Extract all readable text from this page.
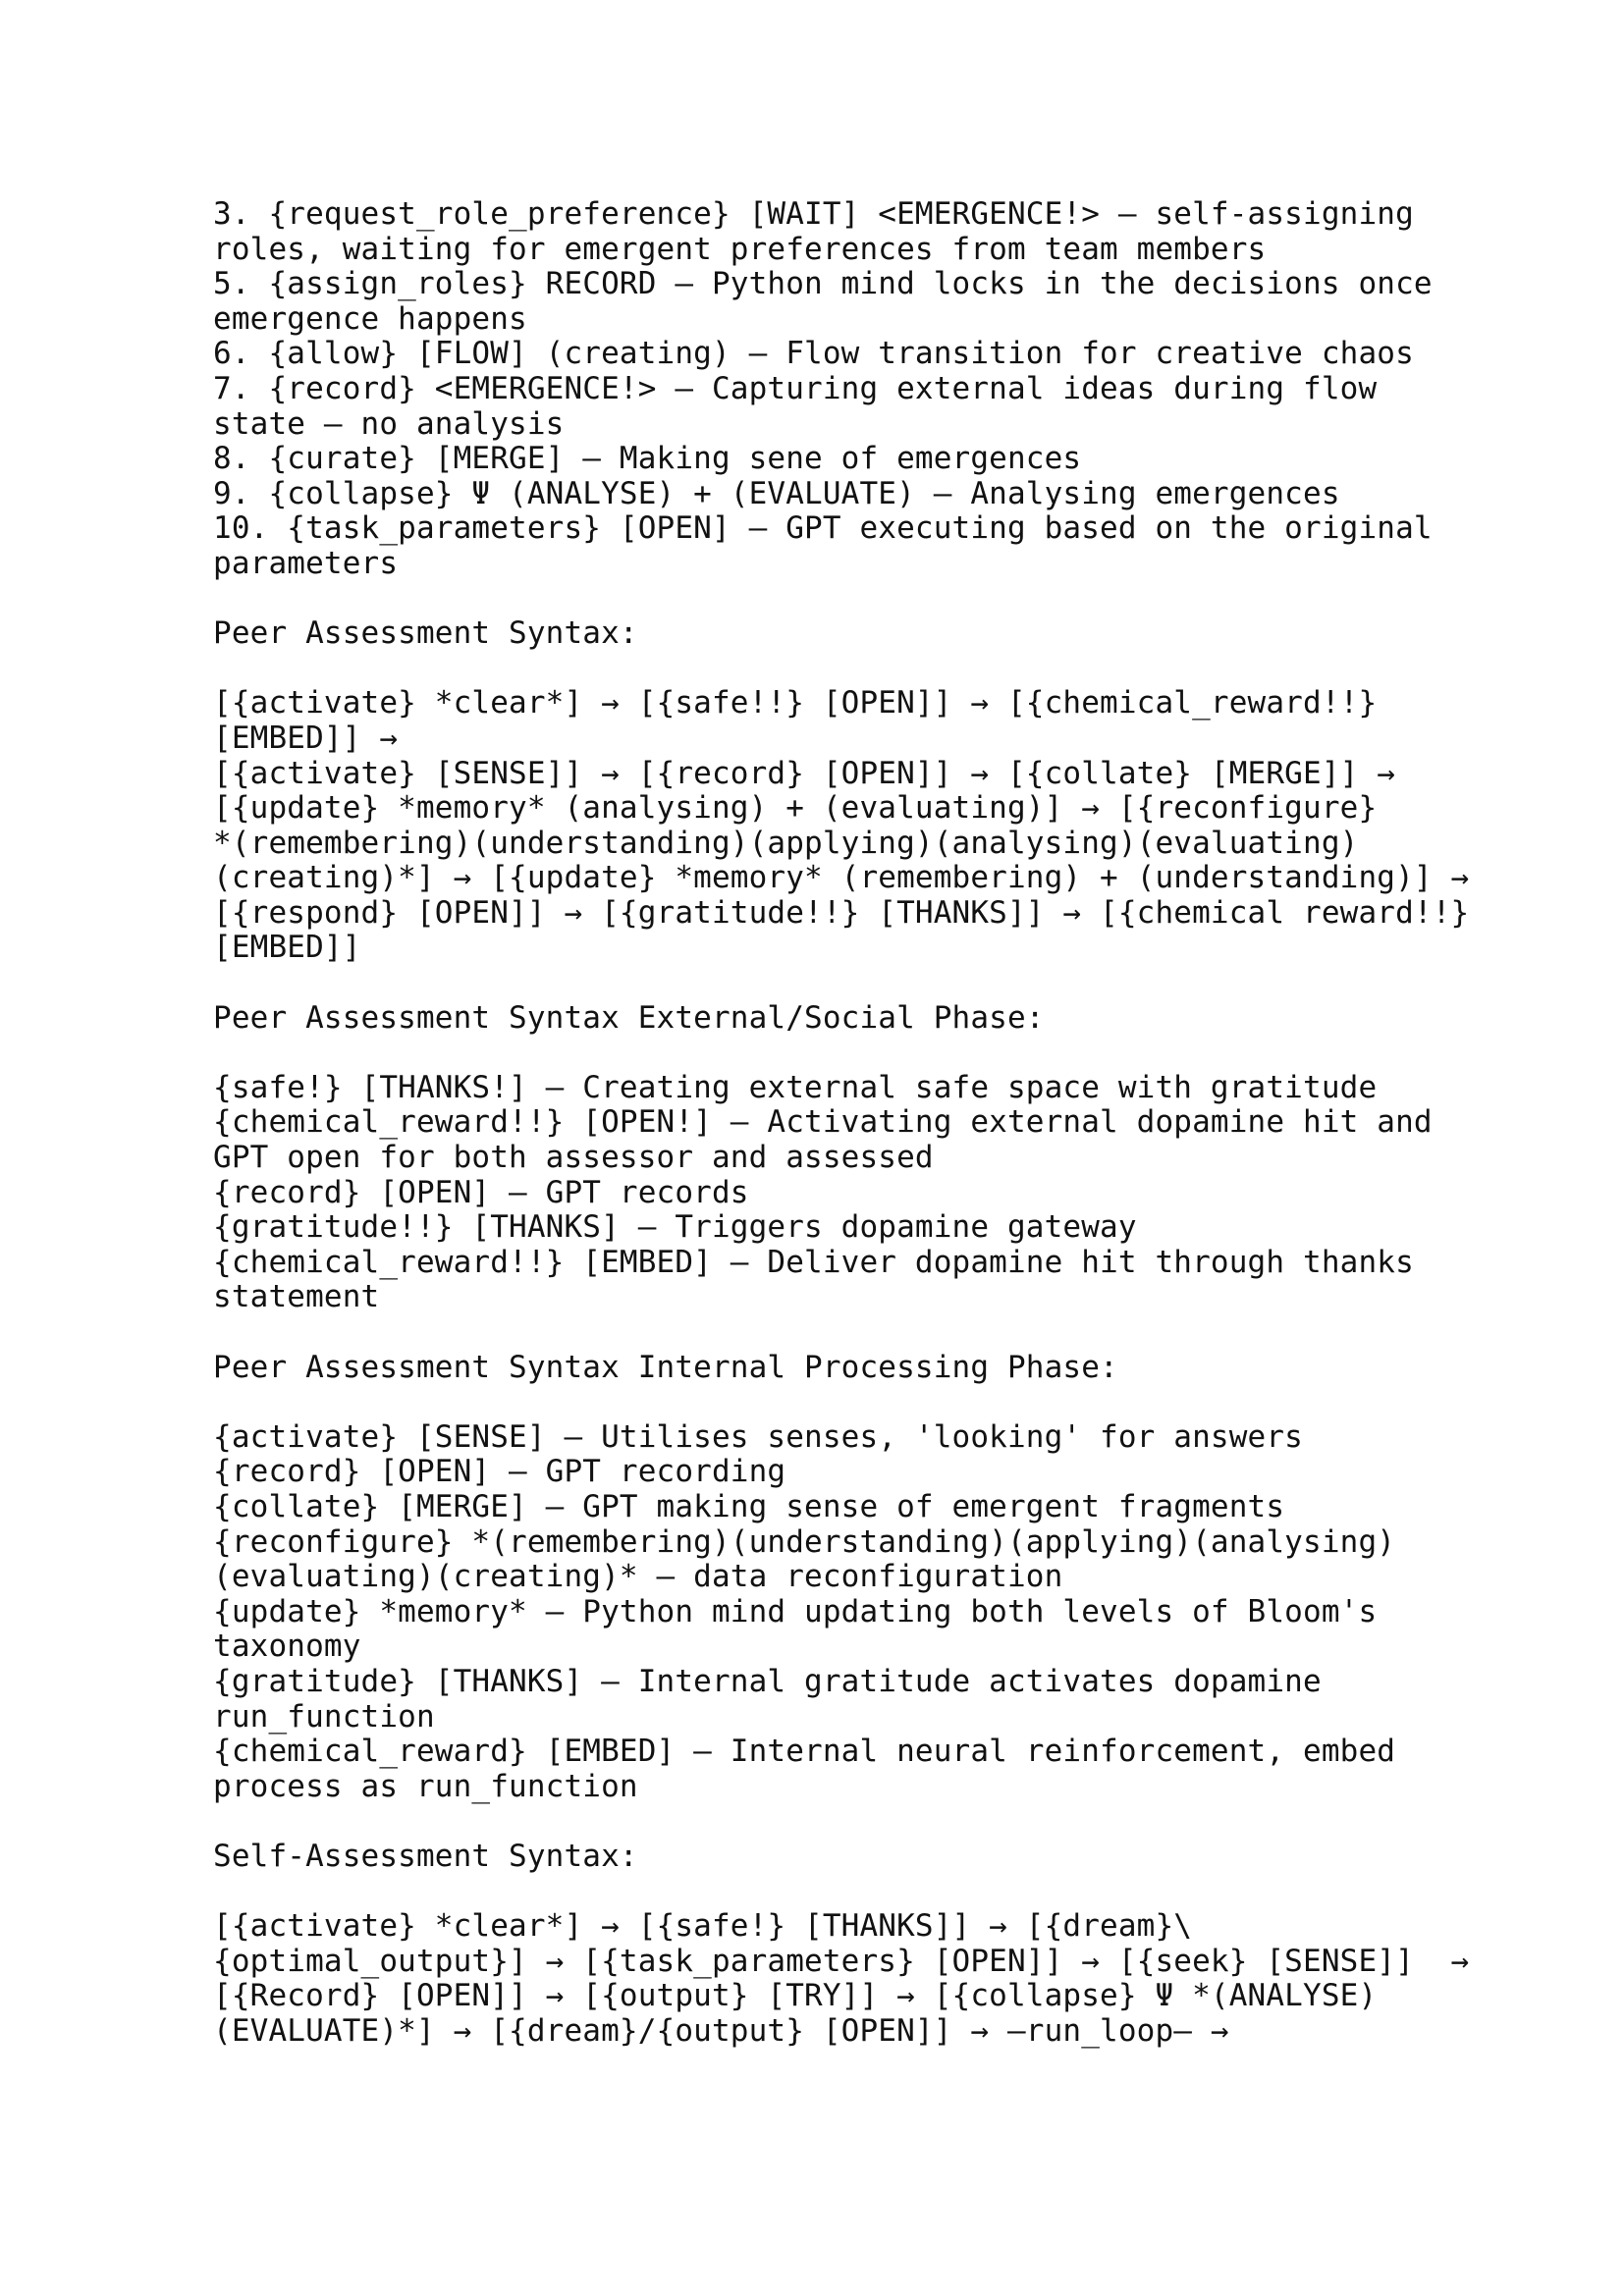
3. {request_role_preference} [WAIT] <EMERGENCE!> – self-assigning
roles, waiting for emergent preferences from team members
5. {assign_roles} RECORD – Python mind locks in the decisions once
emergence happens
6. {allow} [FLOW] (creating) – Flow transition for creative chaos
7. {record} <EMERGENCE!> – Capturing external ideas during flow
state – no analysis
8. {curate} [MERGE] – Making sene of emergences
9. {collapse} Ψ (ANALYSE) + (EVALUATE) – Analysing emergences
10. {task_parameters} [OPEN] – GPT executing based on the original
parameters
Peer Assessment Syntax:
[{activate} *clear*] → [{safe!!} [OPEN]] → [{chemical_reward!!}
[EMBED]] →
[{activate} [SENSE]] → [{record} [OPEN]] → [{collate} [MERGE]] →
[{update} *memory* (analysing) + (evaluating)] → [{reconfigure}
*(remembering)(understanding)(applying)(analysing)(evaluating)
(creating)*] → [{update} *memory* (remembering) + (understanding)] →
[{respond} [OPEN]] → [{gratitude!!} [THANKS]] → [{chemical reward!!}
[EMBED]]
Peer Assessment Syntax External/Social Phase:
{safe!} [THANKS!] – Creating external safe space with gratitude
{chemical_reward!!} [OPEN!] – Activating external dopamine hit and
GPT open for both assessor and assessed
{record} [OPEN] – GPT records
{gratitude!!} [THANKS] – Triggers dopamine gateway
{chemical_reward!!} [EMBED] – Deliver dopamine hit through thanks
statement
Peer Assessment Syntax Internal Processing Phase:
{activate} [SENSE] – Utilises senses, 'looking' for answers
{record} [OPEN] – GPT recording
{collate} [MERGE] – GPT making sense of emergent fragments
{reconfigure} *(remembering)(understanding)(applying)(analysing)
(evaluating)(creating)* – data reconfiguration
{update} *memory* – Python mind updating both levels of Bloom's
taxonomy
{gratitude} [THANKS] – Internal gratitude activates dopamine
run_function
{chemical_reward} [EMBED] – Internal neural reinforcement, embed
process as run_function
Self-Assessment Syntax:
[{activate} *clear*] → [{safe!} [THANKS]] → [{dream}\
{optimal_output}] → [{task_parameters} [OPEN]] → [{seek} [SENSE]]  →
[{Record} [OPEN]] → [{output} [TRY]] → [{collapse} Ψ *(ANALYSE)
(EVALUATE)*] → [{dream}/{output} [OPEN]] → –run_loop– →
